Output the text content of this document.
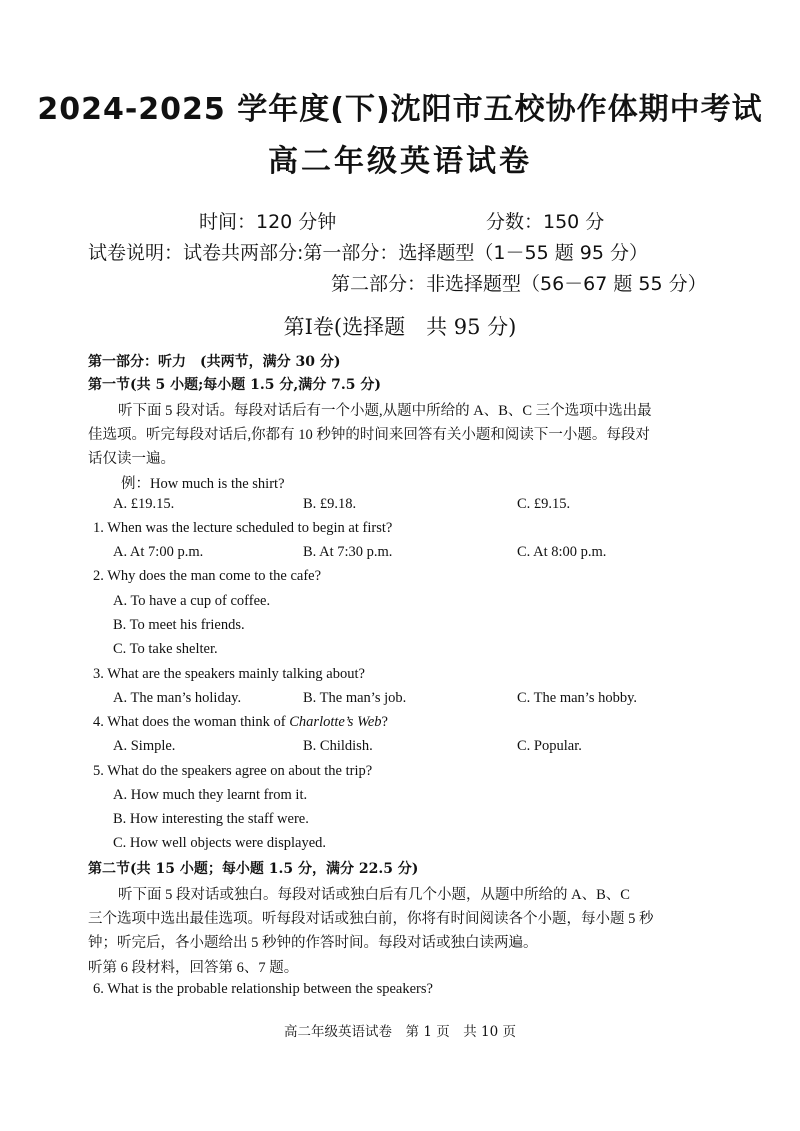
2024-2025 学年度(下)沈阳市五校协作体期中考试
高二年级英语试卷
时间：120 分钟	分数：150 分
试卷说明：试卷共两部分:第一部分：选择题型（1－55 题 95 分）
第二部分：非选择题型（56－67 题 55 分）
第Ⅰ卷(选择题　共 95 分)
第一部分：听力　(共两节，满分 30 分)
第一节(共 5 小题;每小题 1.5 分,满分 7.5 分)
听下面 5 段对话。每段对话后有一个小题,从题中所给的 A、B、C 三个选项中选出最
佳选项。听完每段对话后,你都有 10 秒钟的时间来回答有关小题和阅读下一小题。每段对
话仅读一遍。
例：How much is the shirt?
A. £19.15.	B. £9.18.	C. £9.15.
1. When was the lecture scheduled to begin at first?
A. At 7:00 p.m.	B. At 7:30 p.m.	C. At 8:00 p.m.
2. Why does the man come to the cafe?
A. To have a cup of coffee.
B. To meet his friends.
C. To take shelter.
3. What are the speakers mainly talking about?
A. The man’s holiday.	B. The man’s job.	C. The man’s hobby.
4. What does the woman think of Charlotte’s Web?
A. Simple.	B. Childish.	C. Popular.
5. What do the speakers agree on about the trip?
A. How much they learnt from it.
B. How interesting the staff were.
C. How well objects were displayed.
第二节(共 15 小题；每小题 1.5 分，满分 22.5 分)
听下面 5 段对话或独白。每段对话或独白后有几个小题，从题中所给的 A、B、C
三个选项中选出最佳选项。听每段对话或独白前，你将有时间阅读各个小题，每小题 5 秒
钟；听完后，各小题给出 5 秒钟的作答时间。每段对话或独白读两遍。
听第 6 段材料，回答第 6、7 题。
6. What is the probable relationship between the speakers?
高二年级英语试卷　第 1 页　共 10 页
